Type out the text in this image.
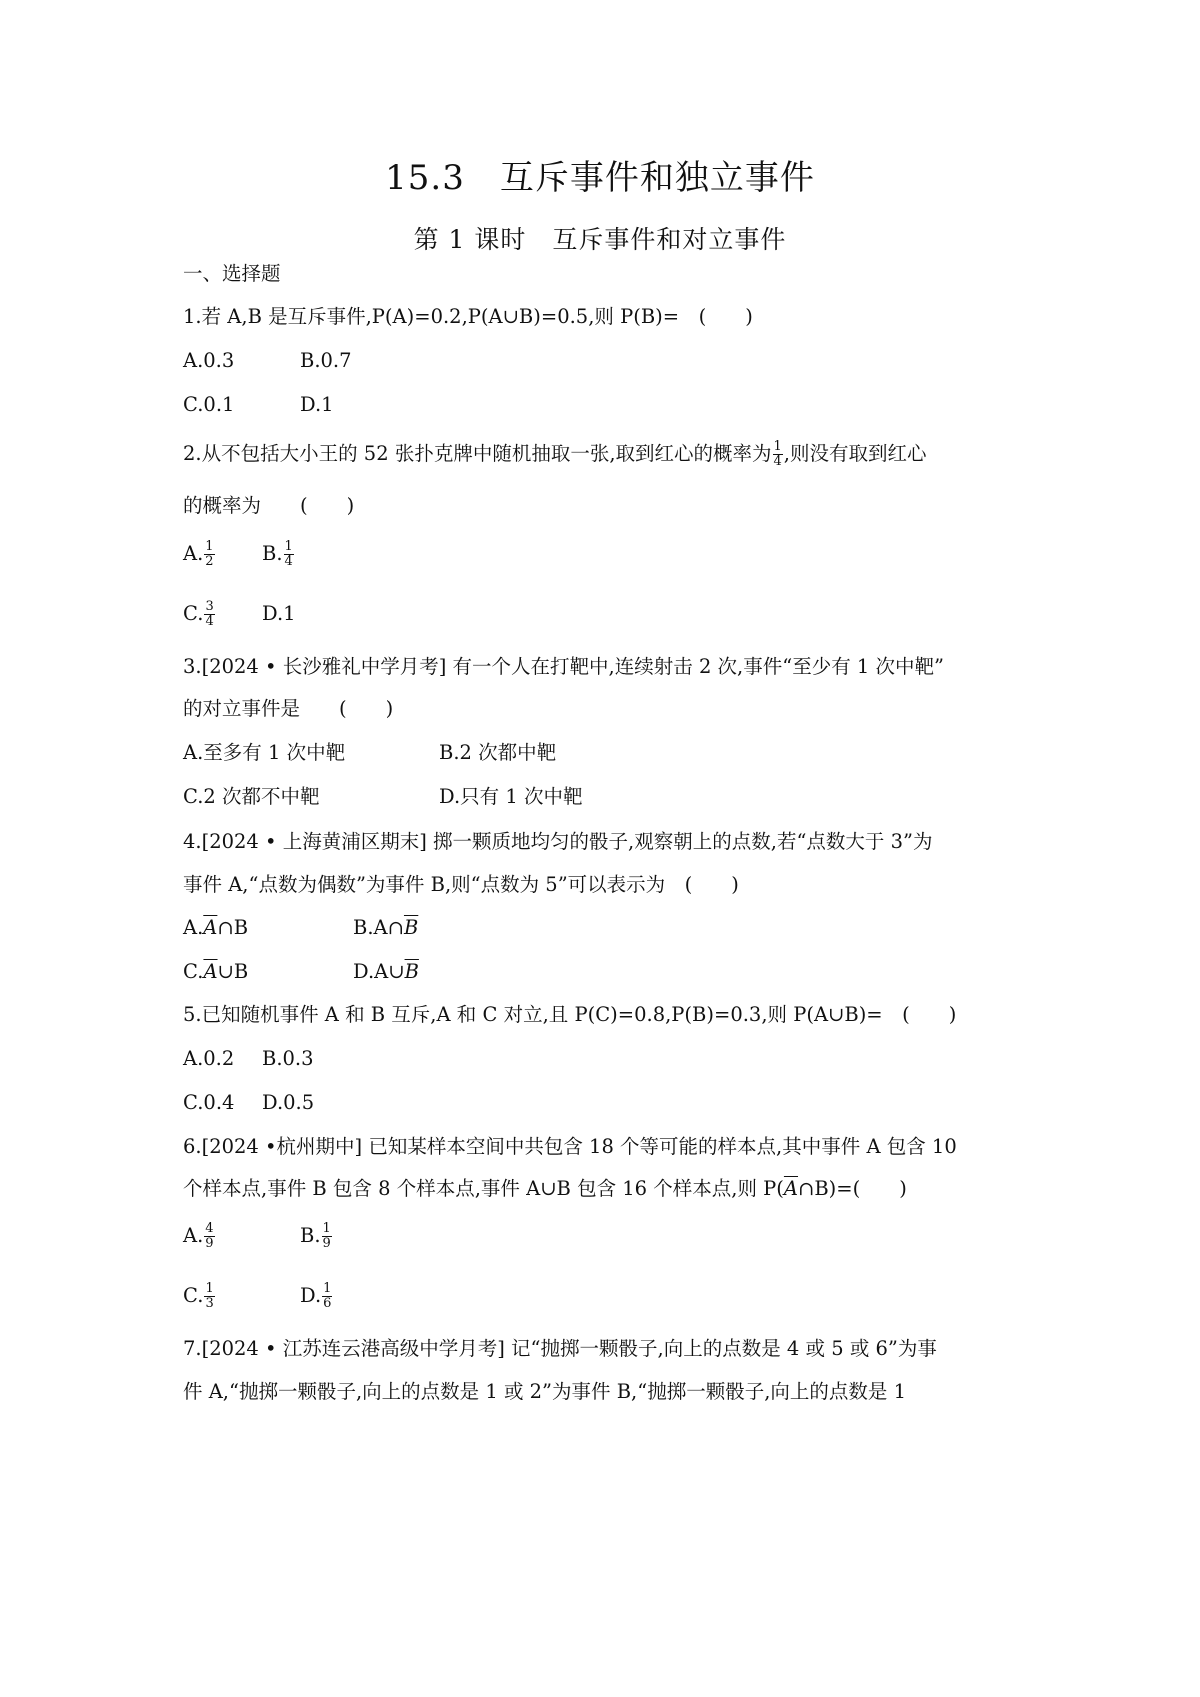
15.3　互斥事件和独立事件
第 1 课时　互斥事件和对立事件
一、选择题
1.若 A,B 是互斥事件,P(A)=0.2,P(A∪B)=0.5,则 P(B)=　(　　)
A.0.3	B.0.7
C.0.1	D.1
2.从不包括大小王的 52 张扑克牌中随机抽取一张,取到红心的概率为 $\frac{1}{4}$ ,则没有取到红心
的概率为　　(　　)
A. $\frac{1}{2} B$. $\frac{1}{4}$
C. $\frac{3}{4} D.1$
3.[2024 • 长沙雅礼中学月考] 有一个人在打靶中,连续射击 2 次,事件“至少有 1 次中靶”
的对立事件是　　(　　)
A.至多有 1 次中靶	B.2 次都中靶
C.2 次都不中靶	D.只有 1 次中靶
4.[2024 • 上海黄浦区期末] 掷一颗质地均匀的骰子,观察朝上的点数,若“点数大于 3”为
事件 A,“点数为偶数”为事件 B,则“点数为 5”可以表示为　(　　)
$A.\overline{A}\cap B$	$B.A\cap\overline{B}$
$C.\overline{A}\cup B$	$D.A\cup\overline{B}$
5.已知随机事件 A 和 B 互斥,A 和 C 对立,且 P(C)=0.8,P(B)=0.3,则 P(A∪B)=　(　　)
A.0.2 B.0.3
C.0.4 D.0.5
6.[2024 •杭州期中] 已知某样本空间中共包含 18 个等可能的样本点,其中事件 A 包含 10
个样本点,事件 B 包含 8 个样本点,事件 A∪B 包含 16 个样本点,则 $P(\overline{A}\cap B)=$(　　)
A. $\frac{4}{9}$	B. $\frac{1}{9}$
C. $\frac{1}{3}$	D. $\frac{1}{6}$
7.[2024 • 江苏连云港高级中学月考] 记“抛掷一颗骰子,向上的点数是 4 或 5 或 6”为事
件 A,“抛掷一颗骰子,向上的点数是 1 或 2”为事件 B,“抛掷一颗骰子,向上的点数是 1
